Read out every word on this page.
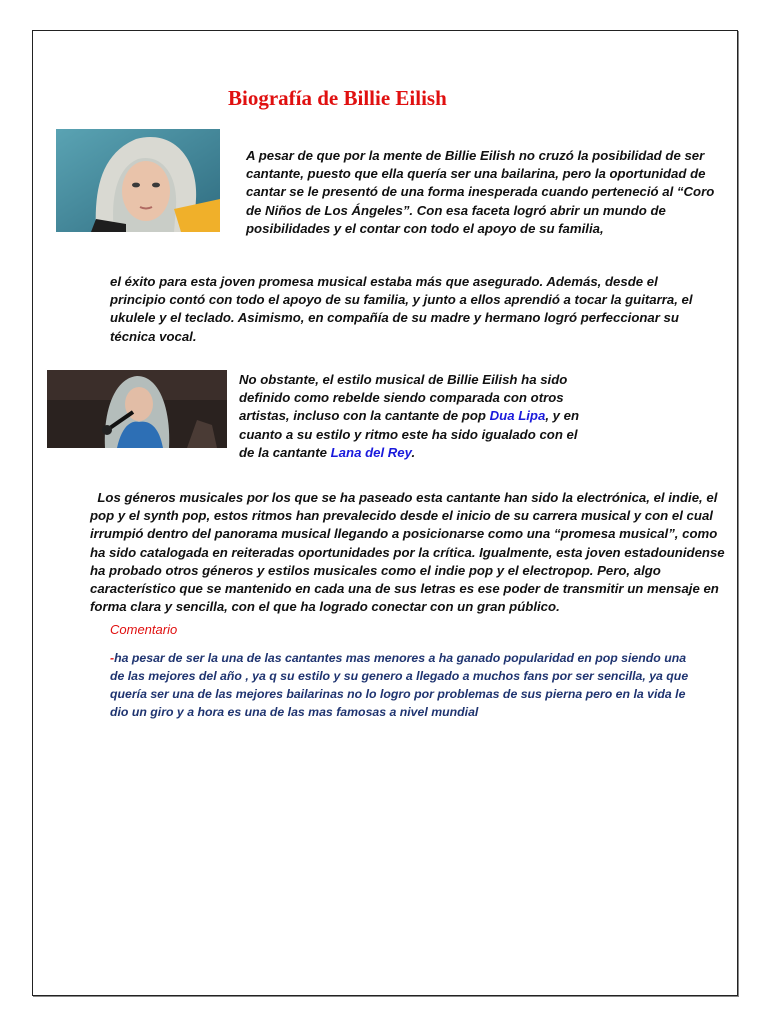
Biografía de Billie Eilish

A pesar de que por la mente de Billie Eilish no cruzó la posibilidad de ser cantante, puesto que ella quería ser una bailarina, pero la oportunidad de cantar se le presentó de una forma inesperada cuando perteneció al “Coro de Niños de Los Ángeles”. Con esa faceta logró abrir un mundo de posibilidades y el contar con todo el apoyo de su familia,

el éxito para esta joven promesa musical estaba más que asegurado. Además, desde el principio contó con todo el apoyo de su familia, y junto a ellos aprendió a tocar la guitarra, el ukulele y el teclado. Asimismo, en compañía de su madre y hermano logró perfeccionar su técnica vocal.

No obstante, el estilo musical de Billie Eilish ha sido definido como rebelde siendo comparada con otros artistas, incluso con la cantante de pop Dua Lipa, y en cuanto a su estilo y ritmo este ha sido igualado con el de la cantante Lana del Rey.

Los géneros musicales por los que se ha paseado esta cantante han sido la electrónica, el indie, el pop y el synth pop, estos ritmos han prevalecido desde el inicio de su carrera musical y con el cual irrumpió dentro del panorama musical llegando a posicionarse como una “promesa musical”, como ha sido catalogada en reiteradas oportunidades por la crítica. Igualmente, esta joven estadounidense ha probado otros géneros y estilos musicales como el indie pop y el electropop. Pero, algo característico que se mantenido en cada una de sus letras es ese poder de transmitir un mensaje en forma clara y sencilla, con el que ha logrado conectar con un gran público.

Comentario

-ha pesar de ser la una de las cantantes mas menores a ha ganado popularidad en pop siendo una de las mejores del año , ya q su estilo y su genero a llegado a muchos fans por ser sencilla, ya que quería ser una de las mejores bailarinas no lo logro por problemas de sus pierna pero en la vida le dio un giro y a hora es una de las mas famosas a nivel mundial
